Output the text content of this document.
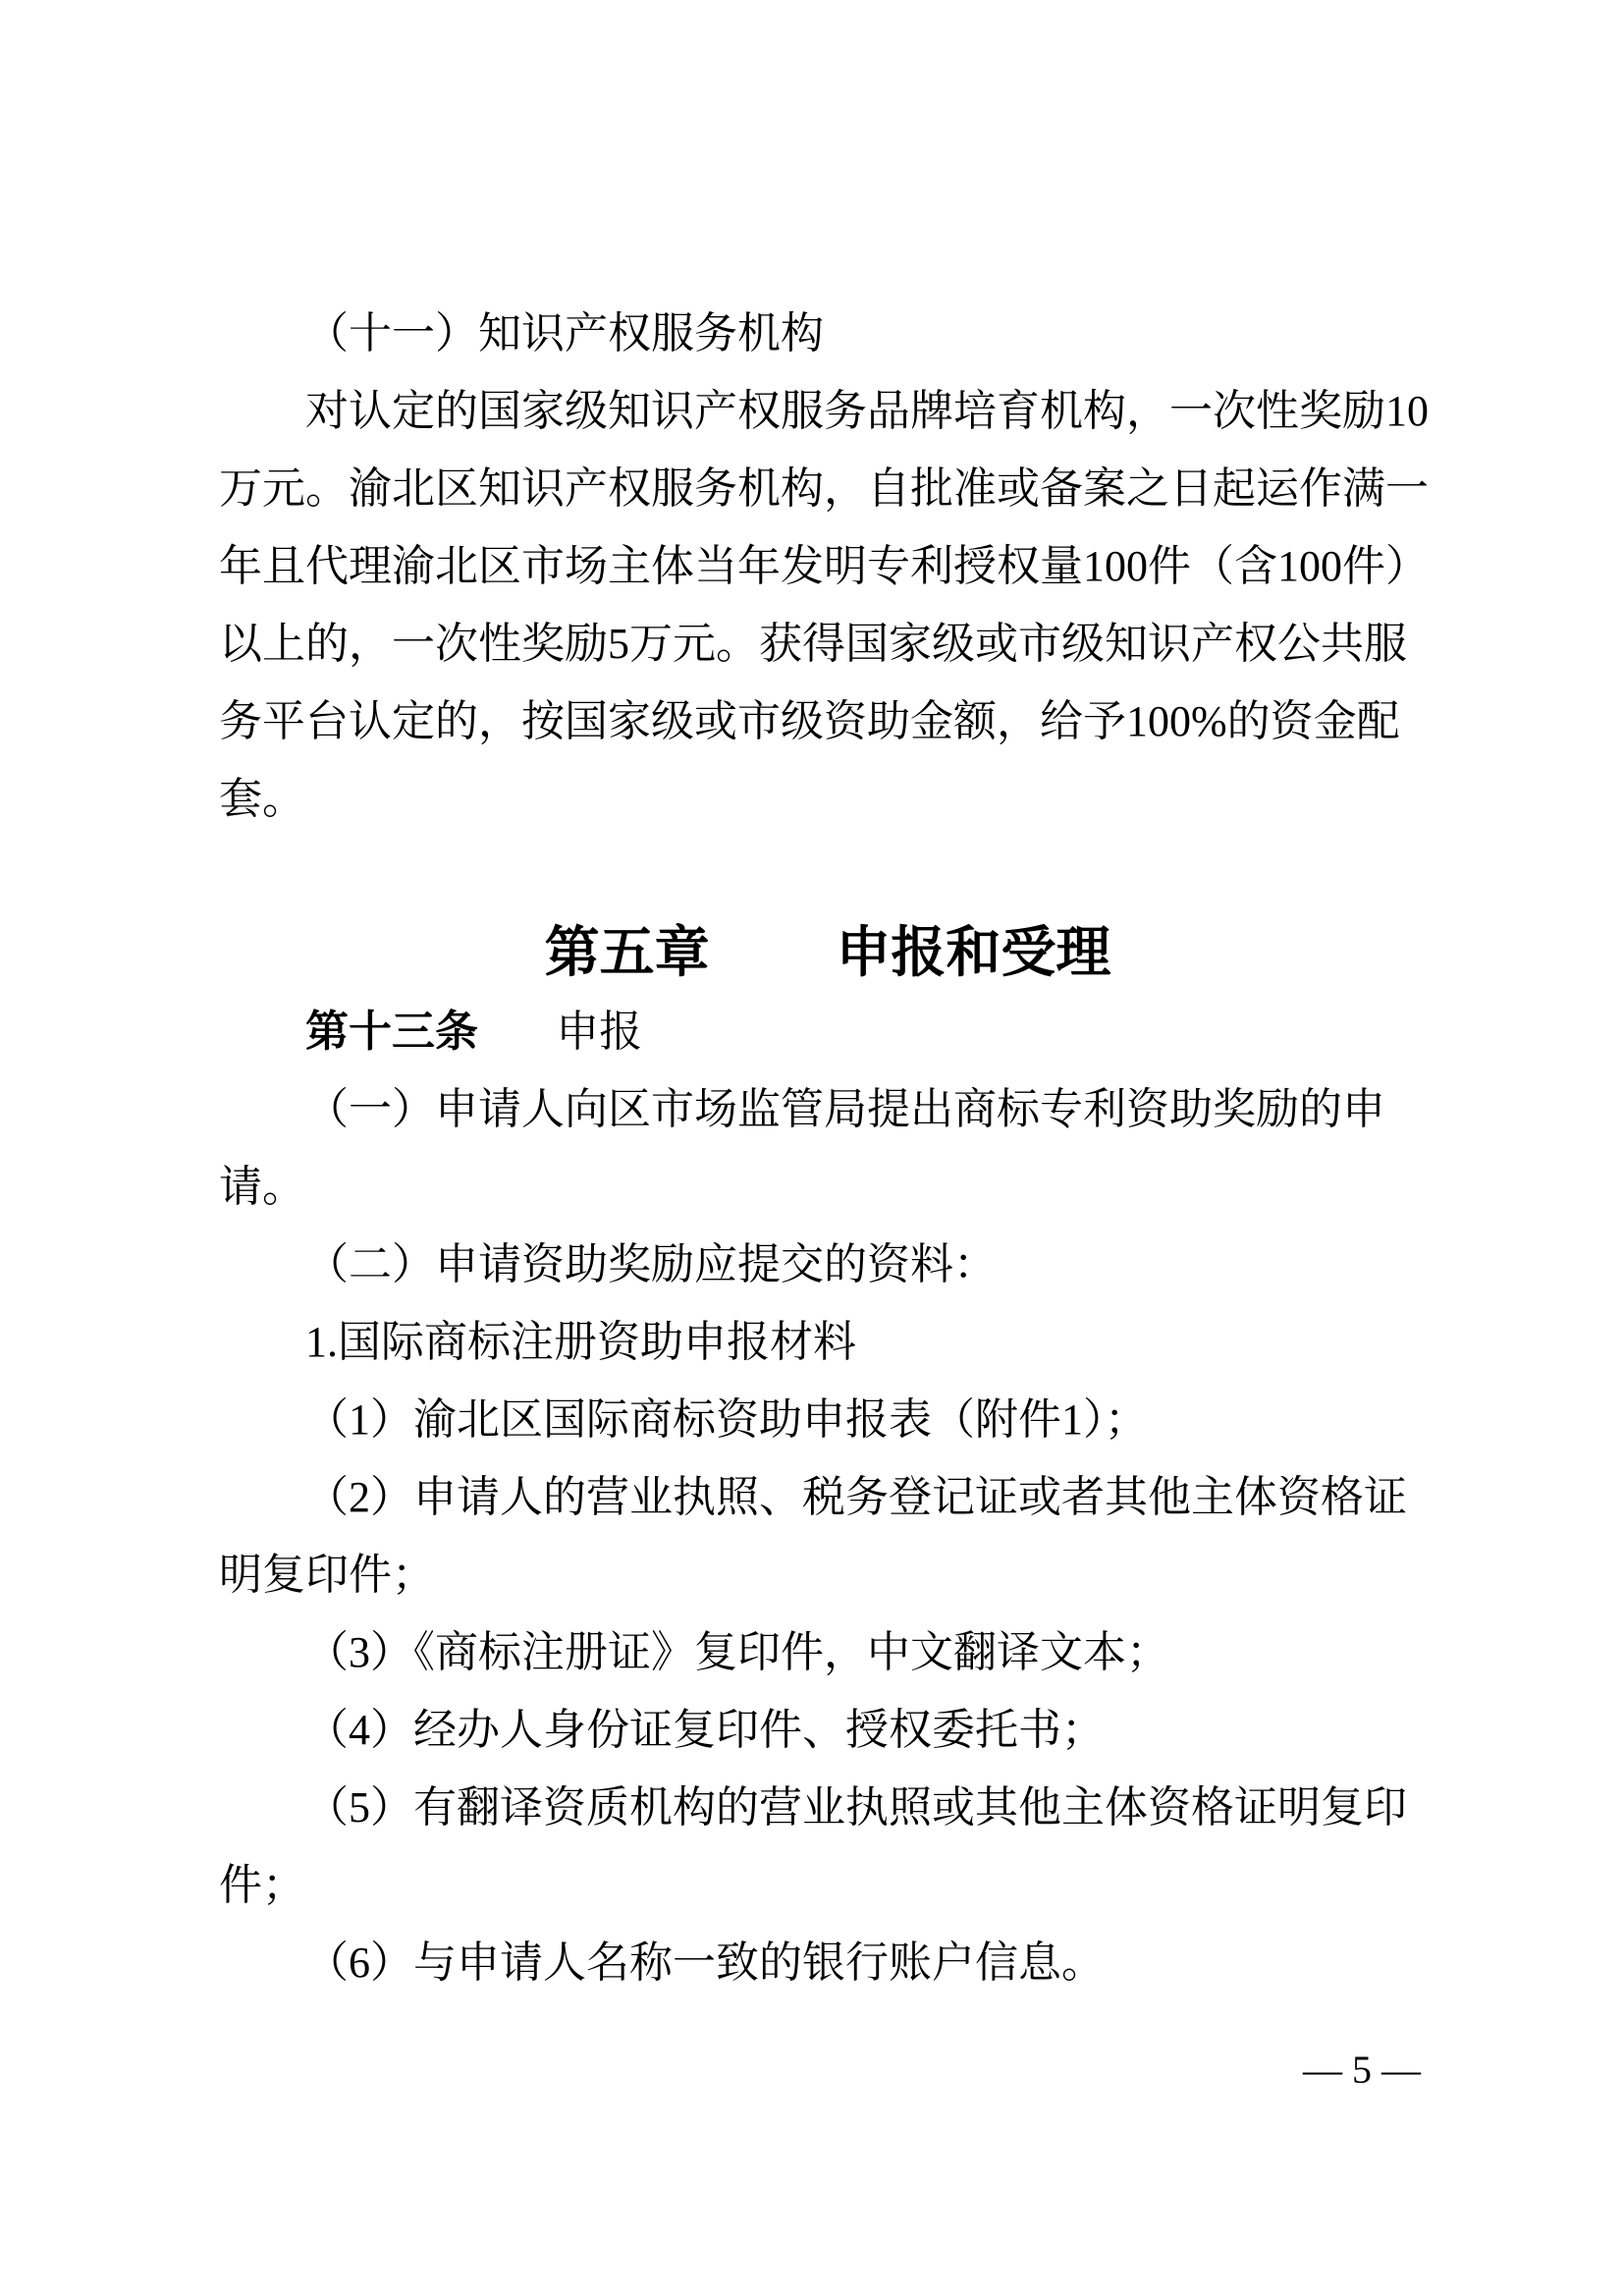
（十一）知识产权服务机构
对认定的国家级知识产权服务品牌培育机构，一次性奖励10
万元。渝北区知识产权服务机构，自批准或备案之日起运作满一
年且代理渝北区市场主体当年发明专利授权量100件（含100件）
以上的，一次性奖励5万元。获得国家级或市级知识产权公共服
务平台认定的，按国家级或市级资助金额，给予100%的资金配
套。
第五章 申报和受理
第十三条 申报
（一）申请人向区市场监管局提出商标专利资助奖励的申
请。
（二）申请资助奖励应提交的资料：
1.国际商标注册资助申报材料
（1）渝北区国际商标资助申报表（附件1）；
（2）申请人的营业执照、税务登记证或者其他主体资格证
明复印件；
（3）《商标注册证》复印件，中文翻译文本；
（4）经办人身份证复印件、授权委托书；
（5）有翻译资质机构的营业执照或其他主体资格证明复印
件；
（6）与申请人名称一致的银行账户信息。
— 5 —
